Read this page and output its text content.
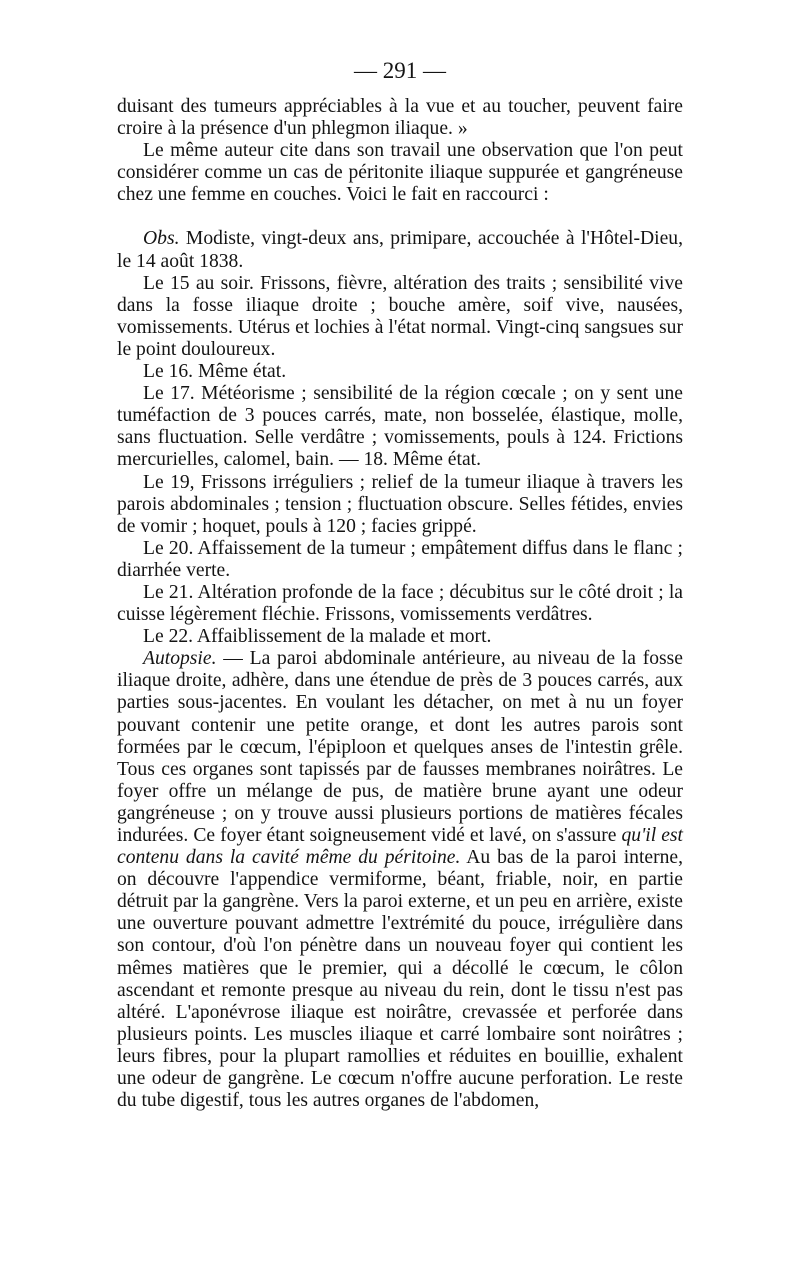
— 291 —

duisant des tumeurs appréciables à la vue et au toucher, peuvent faire croire à la présence d'un phlegmon iliaque. »

Le même auteur cite dans son travail une observation que l'on peut considérer comme un cas de péritonite iliaque suppurée et gangréneuse chez une femme en couches. Voici le fait en raccourci :

Obs. Modiste, vingt-deux ans, primipare, accouchée à l'Hôtel-Dieu, le 14 août 1838.

Le 15 au soir. Frissons, fièvre, altération des traits ; sensibilité vive dans la fosse iliaque droite ; bouche amère, soif vive, nausées, vomissements. Utérus et lochies à l'état normal. Vingt-cinq sangsues sur le point douloureux.

Le 16. Même état.

Le 17. Météorisme ; sensibilité de la région cœcale ; on y sent une tuméfaction de 3 pouces carrés, mate, non bosselée, élastique, molle, sans fluctuation. Selle verdâtre ; vomissements, pouls à 124. Frictions mercurielles, calomel, bain. — 18. Même état.

Le 19, Frissons irréguliers ; relief de la tumeur iliaque à travers les parois abdominales ; tension ; fluctuation obscure. Selles fétides, envies de vomir ; hoquet, pouls à 120 ; facies grippé.

Le 20. Affaissement de la tumeur ; empâtement diffus dans le flanc ; diarrhée verte.

Le 21. Altération profonde de la face ; décubitus sur le côté droit ; la cuisse légèrement fléchie. Frissons, vomissements verdâtres.

Le 22. Affaiblissement de la malade et mort.

Autopsie. — La paroi abdominale antérieure, au niveau de la fosse iliaque droite, adhère, dans une étendue de près de 3 pouces carrés, aux parties sous-jacentes. En voulant les détacher, on met à nu un foyer pouvant contenir une petite orange, et dont les autres parois sont formées par le cœcum, l'épiploon et quelques anses de l'intestin grêle. Tous ces organes sont tapissés par de fausses membranes noirâtres. Le foyer offre un mélange de pus, de matière brune ayant une odeur gangréneuse ; on y trouve aussi plusieurs portions de matières fécales indurées. Ce foyer étant soigneusement vidé et lavé, on s'assure qu'il est contenu dans la cavité même du péritoine. Au bas de la paroi interne, on découvre l'appendice vermiforme, béant, friable, noir, en partie détruit par la gangrène. Vers la paroi externe, et un peu en arrière, existe une ouverture pouvant admettre l'extrémité du pouce, irrégulière dans son contour, d'où l'on pénètre dans un nouveau foyer qui contient les mêmes matières que le premier, qui a décollé le cœcum, le côlon ascendant et remonte presque au niveau du rein, dont le tissu n'est pas altéré. L'aponévrose iliaque est noirâtre, crevassée et perforée dans plusieurs points. Les muscles iliaque et carré lombaire sont noirâtres ; leurs fibres, pour la plupart ramollies et réduites en bouillie, exhalent une odeur de gangrène. Le cœcum n'offre aucune perforation. Le reste du tube digestif, tous les autres organes de l'abdomen,
